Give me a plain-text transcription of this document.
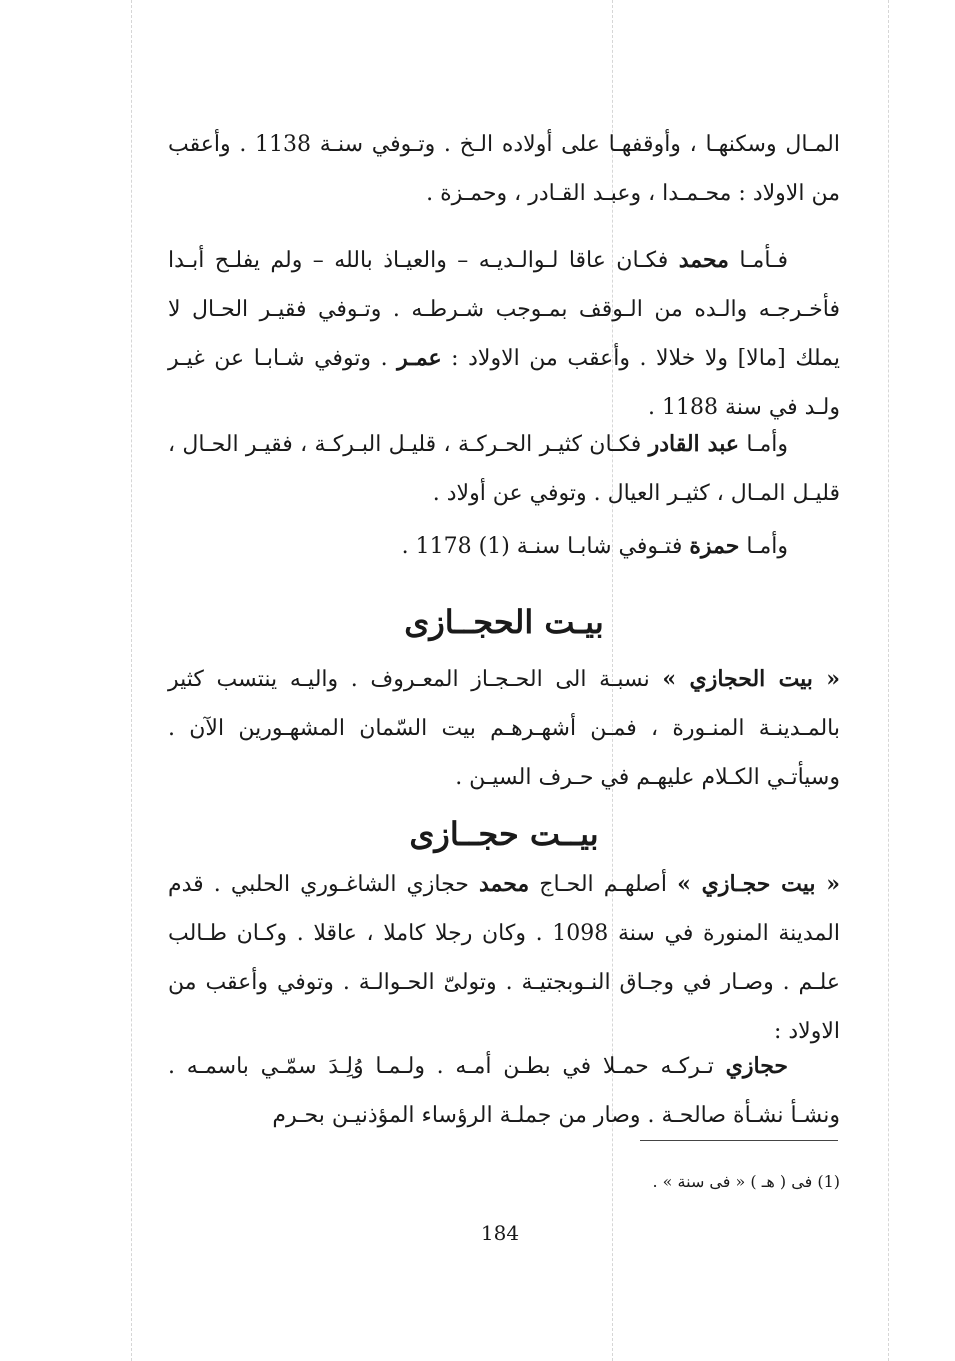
المـال وسكنهـا ، وأوقفهـا على أولاده الـخ . وتـوفي سنـة 1138 . وأعقب من الاولاد : محـمـدا ، وعبـد القـادر ، وحمـزة .

فـأمـا محمد فكـان عاقا لـوالـديـه – والعيـاذ بالله – ولم يفلـح أبـدا فأخـرجـه والـده من الـوقف بمـوجب شـرطـه . وتـوفي فقيـر الحـال لا يملك [مالا] ولا خلالا . وأعقب من الاولاد : عمـر . وتوفي شـابـا عن غيـر ولـد في سنة 1188 .

وأمـا عبد القادر فكـان كثيـر الحـركـة ، قليـل البـركـة ، فقيـر الحـال ، قليـل المـال ، كثيـر العيال . وتوفي عن أولاد .

وأمـا حمزة فتـوفي شابـا سنـة (1) 1178 .

بيـت الحجــازى

« بيت الحجازي » نسبـة الى الحـجـاز المعـروف . واليـه ينتسب كثير بالمـدينـة المنـورة ، فمـن أشهـرهـم بيت السّمان المشهـورين الآن . وسيأتـي الكـلام عليهـم في حـرف السيـن .

بيــت حجــازى

« بيت حجـازي » أصلهـم الحـاج محمد حجازي الشاغـوري الحلبي . قدم المدينة المنورة في سنة 1098 . وكان رجلا كاملا ، عاقلا . وكـان طـالب علـم . وصـار في وجـاق النـوبجتيـة . وتولىّ الحـوالـة . وتوفي وأعقب من الاولاد :

حجازي تـركـه حمـلا في بطـن أمـه . ولـمـا وُلِـدَ سمّـي باسمـه . ونشـأ نشـأة صالحـة . وصار من جملـة الرؤساء المؤذنيـن بحـرم

(1) فى ( هـ ) « فى سنة » .
184
